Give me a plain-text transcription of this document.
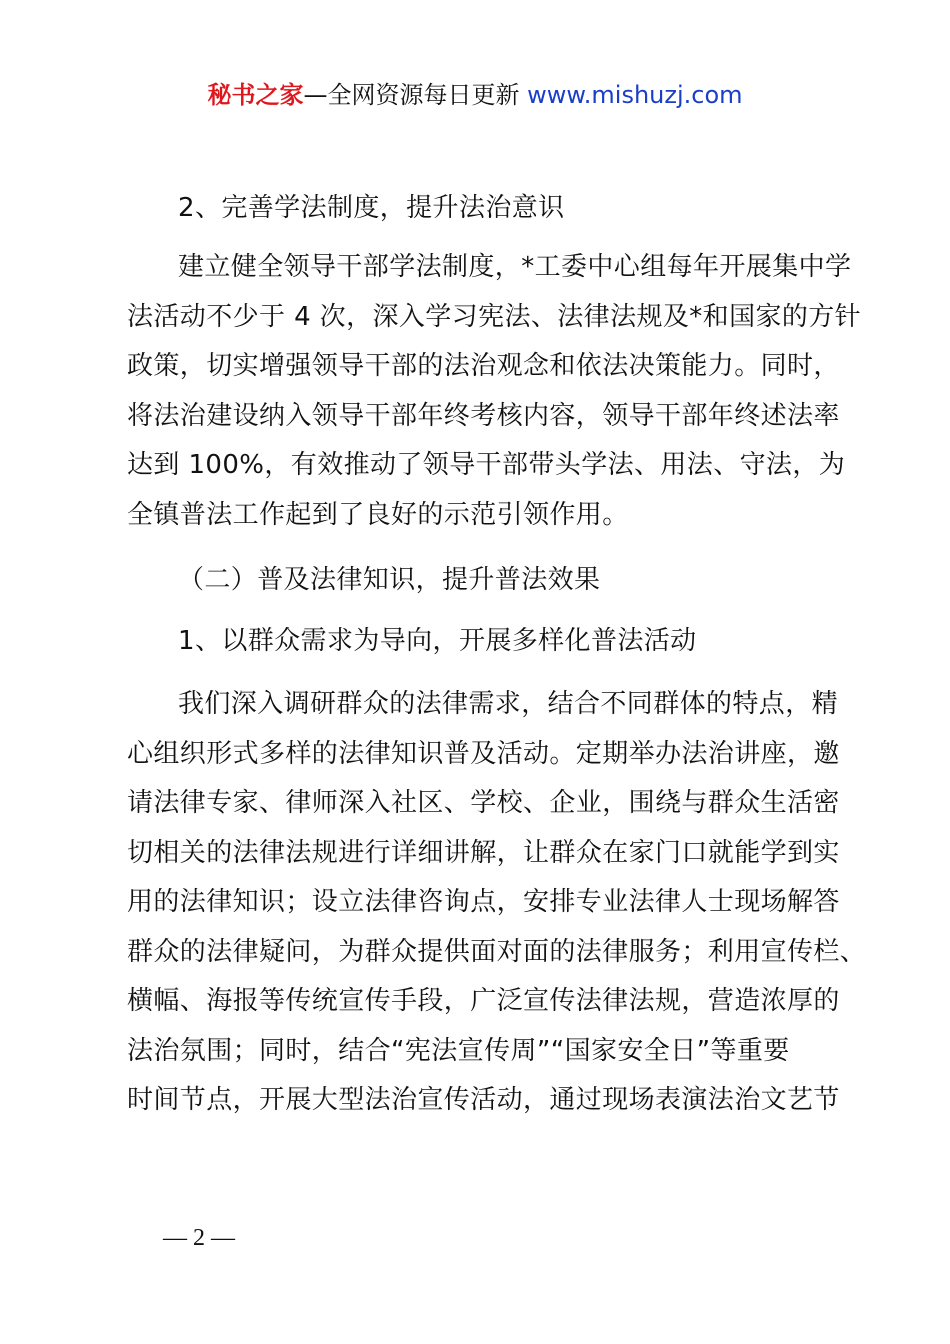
秘书之家—全网资源每日更新 www.mishuzj.com
2、完善学法制度，提升法治意识
建立健全领导干部学法制度，*工委中心组每年开展集中学
法活动不少于 4 次，深入学习宪法、法律法规及*和国家的方针
政策，切实增强领导干部的法治观念和依法决策能力。同时，
将法治建设纳入领导干部年终考核内容，领导干部年终述法率
达到 100%，有效推动了领导干部带头学法、用法、守法，为
全镇普法工作起到了良好的示范引领作用。
（二）普及法律知识，提升普法效果
1、以群众需求为导向，开展多样化普法活动
我们深入调研群众的法律需求，结合不同群体的特点，精
心组织形式多样的法律知识普及活动。定期举办法治讲座，邀
请法律专家、律师深入社区、学校、企业，围绕与群众生活密
切相关的法律法规进行详细讲解，让群众在家门口就能学到实
用的法律知识；设立法律咨询点，安排专业法律人士现场解答
群众的法律疑问，为群众提供面对面的法律服务；利用宣传栏、
横幅、海报等传统宣传手段，广泛宣传法律法规，营造浓厚的
法治氛围；同时，结合“宪法宣传周”“国家安全日”等重要
时间节点，开展大型法治宣传活动，通过现场表演法治文艺节
— 2 —
